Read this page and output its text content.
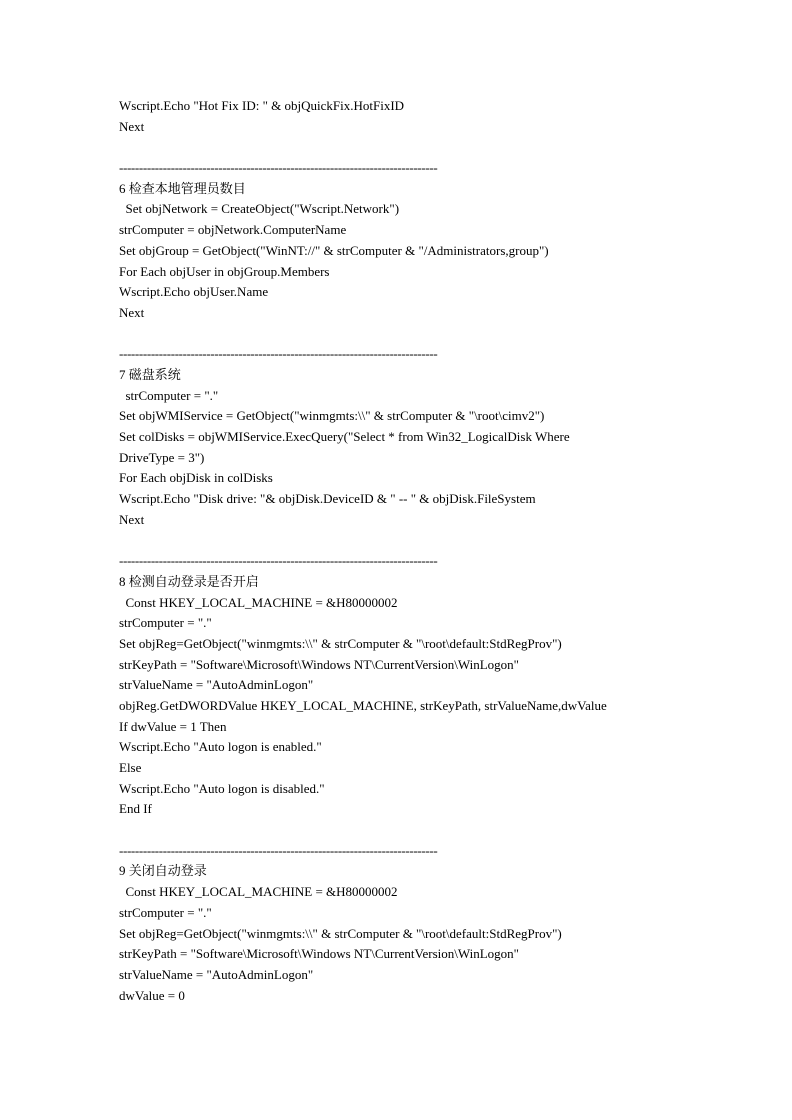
Wscript.Echo "Hot Fix ID: " & objQuickFix.HotFixID
Next
--------------------------------------------------------------------------------
6 检查本地管理员数目
Set objNetwork = CreateObject("Wscript.Network")
strComputer = objNetwork.ComputerName
Set objGroup = GetObject("WinNT://" & strComputer & "/Administrators,group")
For Each objUser in objGroup.Members
Wscript.Echo objUser.Name
Next
--------------------------------------------------------------------------------
7 磁盘系统
strComputer = "."
Set objWMIService = GetObject("winmgmts:\\" & strComputer & "\root\cimv2")
Set colDisks = objWMIService.ExecQuery("Select * from Win32_LogicalDisk Where
DriveType = 3")
For Each objDisk in colDisks
Wscript.Echo "Disk drive: "& objDisk.DeviceID & " -- " & objDisk.FileSystem
Next
--------------------------------------------------------------------------------
8 检测自动登录是否开启
Const HKEY_LOCAL_MACHINE = &H80000002
strComputer = "."
Set objReg=GetObject("winmgmts:\\" & strComputer & "\root\default:StdRegProv")
strKeyPath = "Software\Microsoft\Windows NT\CurrentVersion\WinLogon"
strValueName = "AutoAdminLogon"
objReg.GetDWORDValue HKEY_LOCAL_MACHINE, strKeyPath, strValueName,dwValue
If dwValue = 1 Then
Wscript.Echo "Auto logon is enabled."
Else
Wscript.Echo "Auto logon is disabled."
End If
--------------------------------------------------------------------------------
9 关闭自动登录
Const HKEY_LOCAL_MACHINE = &H80000002
strComputer = "."
Set objReg=GetObject("winmgmts:\\" & strComputer & "\root\default:StdRegProv")
strKeyPath = "Software\Microsoft\Windows NT\CurrentVersion\WinLogon"
strValueName = "AutoAdminLogon"
dwValue = 0
